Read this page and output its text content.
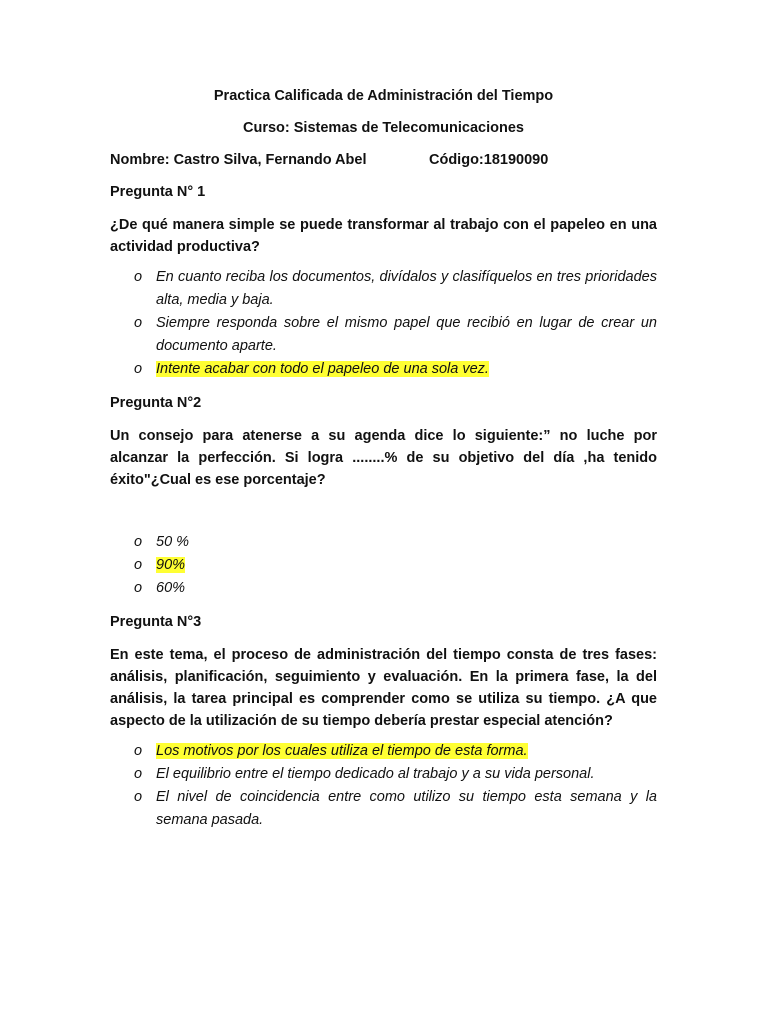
Practica Calificada de Administración del Tiempo
Curso: Sistemas de Telecomunicaciones
Nombre: Castro Silva, Fernando Abel	Código:18190090
Pregunta N° 1
¿De qué manera simple se puede transformar al trabajo con el papeleo en una actividad productiva?
o En cuanto reciba los documentos, divídalos y clasifíquelos en tres prioridades alta, media y baja.
o Siempre responda sobre el mismo papel que recibió en lugar de crear un documento aparte.
o Intente acabar con todo el papeleo de una sola vez.
Pregunta N°2
Un consejo para atenerse a su agenda dice lo siguiente:” no luche por alcanzar la perfección. Si logra ........% de su objetivo del día ,ha tenido éxito"¿Cual es ese porcentaje?
o 50 %
o 90%
o 60%
Pregunta N°3
En este tema, el proceso de administración del tiempo consta de tres fases: análisis, planificación, seguimiento y evaluación. En la primera fase, la del análisis, la tarea principal es comprender como se utiliza su tiempo. ¿A que aspecto de la utilización de su tiempo debería prestar especial atención?
o Los motivos por los cuales utiliza el tiempo de esta forma.
o El equilibrio entre el tiempo dedicado al trabajo y a su vida personal.
o El nivel de coincidencia entre como utilizo su tiempo esta semana y la semana pasada.
